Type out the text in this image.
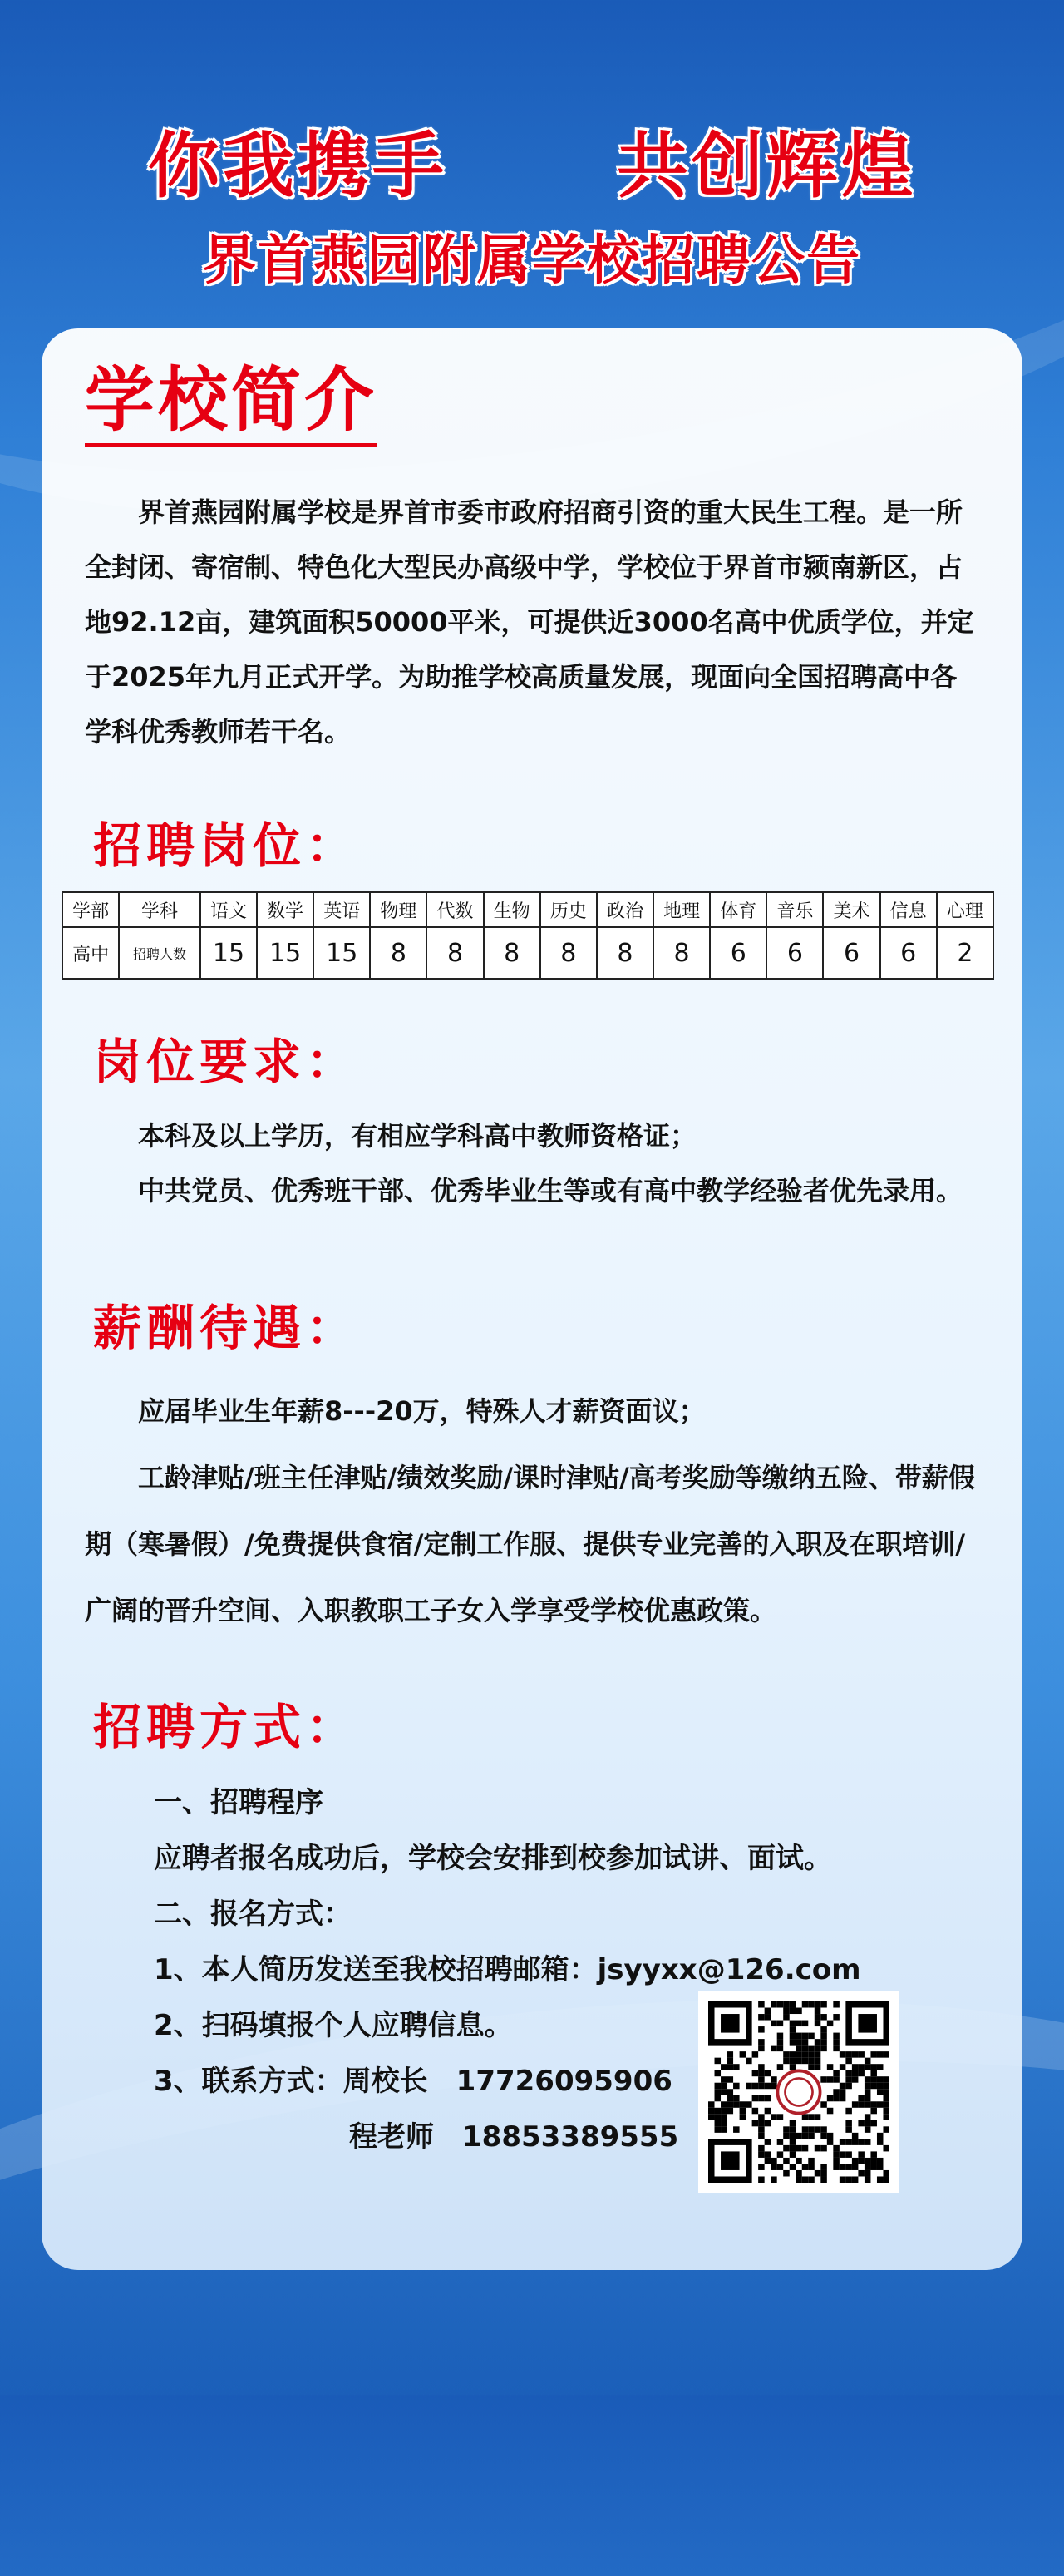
你我携手　 共创辉煌
界首燕园附属学校招聘公告
学校简介

界首燕园附属学校是界首市委市政府招商引资的重大民生工程。是一所全封闭、寄宿制、特色化大型民办高级中学，学校位于界首市颍南新区，占地92.12亩，建筑面积50000平米，可提供近3000名高中优质学位，并定于2025年九月正式开学。为助推学校高质量发展，现面向全国招聘高中各学科优秀教师若干名。

招聘岗位：
学部	学科	语文	数学	英语	物理	代数	生物	历史	政治	地理	体育	音乐	美术	信息	心理
高中	招聘人数	15	15	15	8	8	8	8	8	8	6	6	6	6	2
岗位要求：

本科及以上学历，有相应学科高中教师资格证；

中共党员、优秀班干部、优秀毕业生等或有高中教学经验者优先录用。

薪酬待遇：

应届毕业生年薪8---20万，特殊人才薪资面议；

工龄津贴/班主任津贴/绩效奖励/课时津贴/高考奖励等缴纳五险、带薪假期（寒暑假）/免费提供食宿/定制工作服、提供专业完善的入职及在职培训/广阔的晋升空间、入职教职工子女入学享受学校优惠政策。

招聘方式：
一、招聘程序
应聘者报名成功后，学校会安排到校参加试讲、面试。
二、报名方式：
1、本人简历发送至我校招聘邮箱：jsyyxx@126.com
2、扫码填报个人应聘信息。
3、联系方式：周校长　17726095906
程老师　18853389555
